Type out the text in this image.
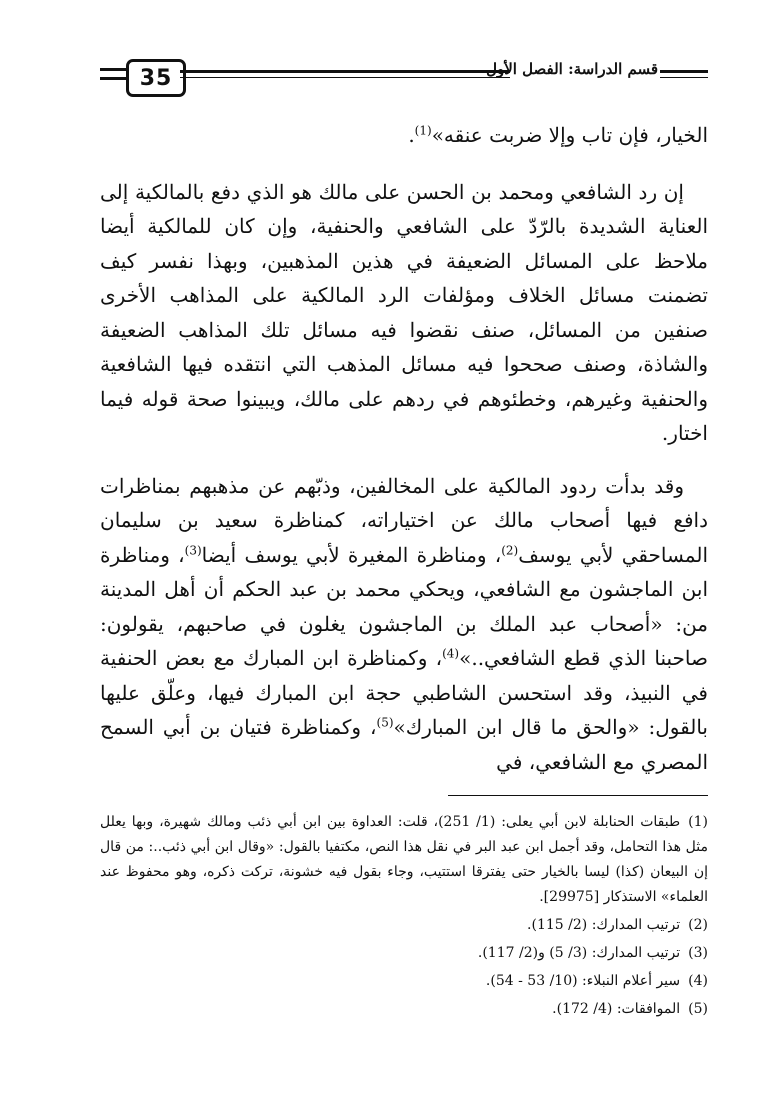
35	قسم الدراسة: الفصل الأول

الخيار، فإن تاب وإلا ضربت عنقه»$^{(1)}$.

إن رد الشافعي ومحمد بن الحسن على مالك هو الذي دفع بالمالكية إلى العناية الشديدة بالرّدّ على الشافعي والحنفية، وإن كان للمالكية أيضا ملاحظ على المسائل الضعيفة في هذين المذهبين، وبهذا نفسر كيف تضمنت مسائل الخلاف ومؤلفات الرد المالكية على المذاهب الأخرى صنفين من المسائل، صنف نقضوا فيه مسائل تلك المذاهب الضعيفة والشاذة، وصنف صححوا فيه مسائل المذهب التي انتقده فيها الشافعية والحنفية وغيرهم، وخطئوهم في ردهم على مالك، ويبينوا صحة قوله فيما اختار.

وقد بدأت ردود المالكية على المخالفين، وذبّهم عن مذهبهم بمناظرات دافع فيها أصحاب مالك عن اختياراته، كمناظرة سعيد بن سليمان المساحقي لأبي يوسف$^{(2)}$، ومناظرة المغيرة لأبي يوسف أيضا$^{(3)}$، ومناظرة ابن الماجشون مع الشافعي، ويحكي محمد بن عبد الحكم أن أهل المدينة من: «أصحاب عبد الملك بن الماجشون يغلون في صاحبهم، يقولون: صاحبنا الذي قطع الشافعي..»$^{(4)}$، وكمناظرة ابن المبارك مع بعض الحنفية في النبيذ، وقد استحسن الشاطبي حجة ابن المبارك فيها، وعلّق عليها بالقول: «والحق ما قال ابن المبارك»$^{(5)}$، وكمناظرة فتيان بن أبي السمح المصري مع الشافعي، في

(1)طبقات الحنابلة لابن أبي يعلى: (1/ 251)، قلت: العداوة بين ابن أبي ذئب ومالك شهيرة، وبها يعلل مثل هذا التحامل، وقد أجمل ابن عبد البر في نقل هذا النص، مكتفيا بالقول: «وقال ابن أبي ذئب..: من قال إن البيعان (كذا) ليسا بالخيار حتى يفترقا استتيب، وجاء بقول فيه خشونة، تركت ذكره، وهو محفوظ عند العلماء» الاستذكار [29975].

(2)ترتيب المدارك: (2/ 115).

(3)ترتيب المدارك: (3/ 5) و(2/ 117).

(4)سير أعلام النبلاء: (10/ 53 - 54).

(5)الموافقات: (4/ 172).
